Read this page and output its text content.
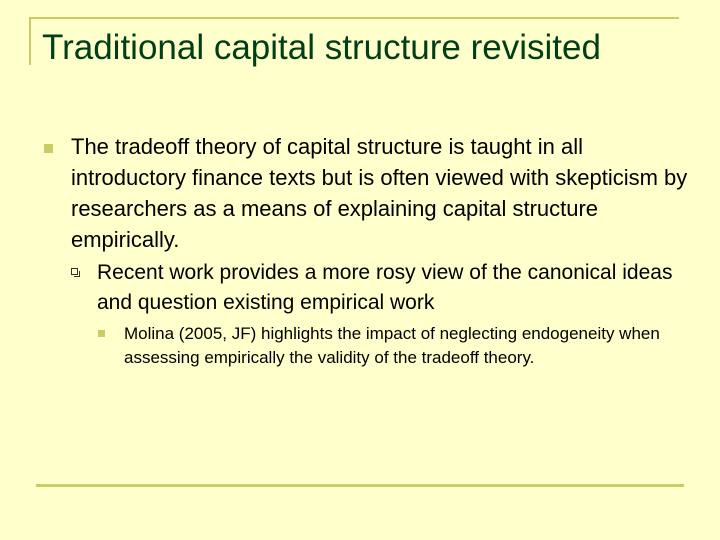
Traditional capital structure revisited
The tradeoff theory of capital structure is taught in all introductory finance texts but is often viewed with skepticism by researchers as a means of explaining capital structure empirically.
Recent work provides a more rosy view of the canonical ideas and question existing empirical work
Molina (2005, JF) highlights the impact of neglecting endogeneity when assessing empirically the validity of the tradeoff theory.
